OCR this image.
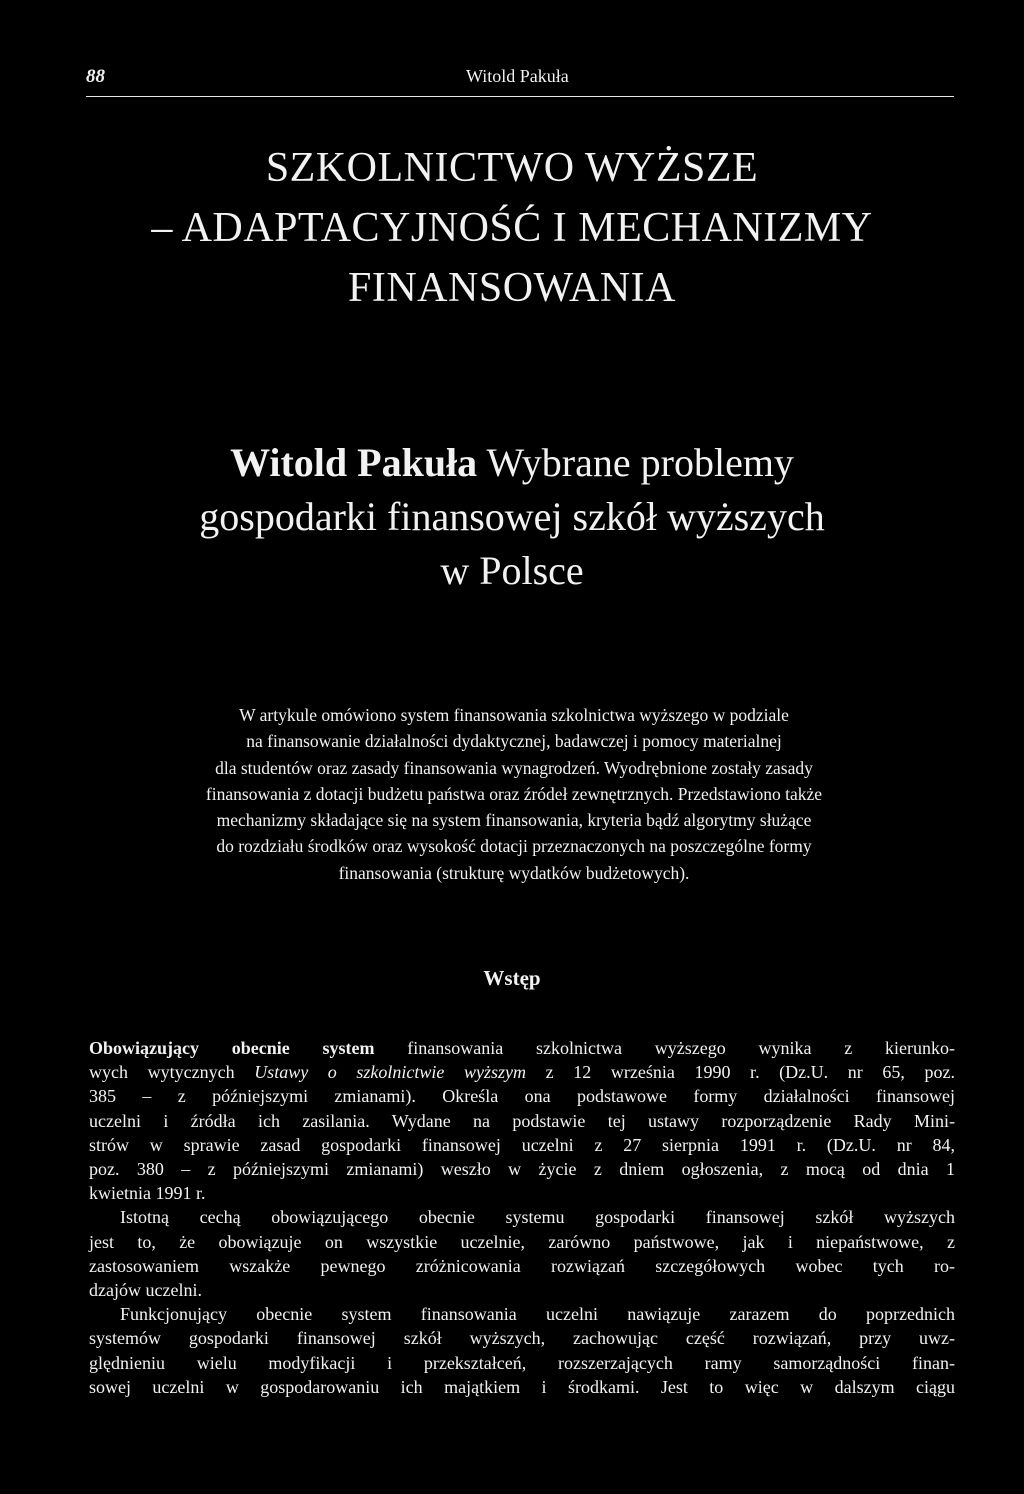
88	Witold Pakuła
SZKOLNICTWO WYŻSZE
– ADAPTACYJNOŚĆ I MECHANIZMY
FINANSOWANIA
Witold Pakuła Wybrane problemy
gospodarki finansowej szkół wyższych
w Polsce
W artykule omówiono system finansowania szkolnictwa wyższego w podziale
na finansowanie działalności dydaktycznej, badawczej i pomocy materialnej
dla studentów oraz zasady finansowania wynagrodzeń. Wyodrębnione zostały zasady
finansowania z dotacji budżetu państwa oraz źródeł zewnętrznych. Przedstawiono także
mechanizmy składające się na system finansowania, kryteria bądź algorytmy służące
do rozdziału środków oraz wysokość dotacji przeznaczonych na poszczególne formy
finansowania (strukturę wydatków budżetowych).
Wstęp
Obowiązujący obecnie system finansowania szkolnictwa wyższego wynika z kierunko-
wych wytycznych Ustawy o szkolnictwie wyższym z 12 września 1990 r. (Dz.U. nr 65, poz.
385 – z późniejszymi zmianami). Określa ona podstawowe formy działalności finansowej
uczelni i źródła ich zasilania. Wydane na podstawie tej ustawy rozporządzenie Rady Mini-
strów w sprawie zasad gospodarki finansowej uczelni z 27 sierpnia 1991 r. (Dz.U. nr 84,
poz. 380 – z późniejszymi zmianami) weszło w życie z dniem ogłoszenia, z mocą od dnia 1
kwietnia 1991 r.
Istotną cechą obowiązującego obecnie systemu gospodarki finansowej szkół wyższych
jest to, że obowiązuje on wszystkie uczelnie, zarówno państwowe, jak i niepaństwowe, z
zastosowaniem wszakże pewnego zróżnicowania rozwiązań szczegółowych wobec tych ro-
dzajów uczelni.
Funkcjonujący obecnie system finansowania uczelni nawiązuje zarazem do poprzednich
systemów gospodarki finansowej szkół wyższych, zachowując część rozwiązań, przy uwz-
ględnieniu wielu modyfikacji i przekształceń, rozszerzających ramy samorządności finan-
sowej uczelni w gospodarowaniu ich majątkiem i środkami. Jest to więc w dalszym ciągu
